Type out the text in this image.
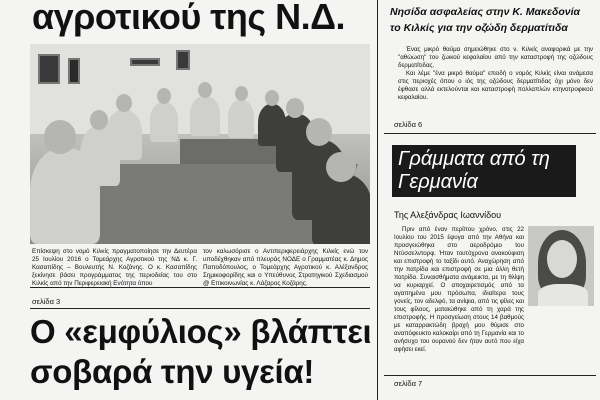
αγροτικού της Ν.Δ.

Επίσκεψη στο νομό Κιλκίς πραγματοποίησε την Δευτέρα 25 Ιουλίου 2016 ο Τομεάρχης Αγροτικού της ΝΔ κ. Γ. Κασαπίδης – Βουλευτής Ν. Κοζάνης. Ο κ. Κασαπίδης ξεκίνησε βάσει προγράμματος της περιοδείας του στο Κιλκίς από την Περιφερειακή Ενότητα όπου

τον καλωσόρισε ο Αντιπεριφερειάρχης Κιλκίς ενώ τον υποδέχθηκαν από πλευράς ΝΟΔΕ ο Γραμματέας κ. Δημος Παποδόπουλος, ο Τομεάρχης Αγροτικού κ. Αλέξανδρος Σημικοφορίδης και ο Υπεύθυνος Στρατηγικού Σχεδιασμού @ Επικοινωνίας κ. Λάζαρος Κοζάρης.

σελίδα 3
Ο «εμφύλιος» βλάπτει σοβαρά την υγεία!
Νησίδα ασφαλείας στην Κ. Μακεδονία το Κιλκίς για την οζώδη δερματίτιδα

Ένας μικρό θαύμα σημειώθηκε στο ν. Κιλκίς αναφορικά με την "αθώωση" του ζωικού κεφαλαίου από την καταστροφή της οζώδους δερματίτιδας.

Και λέμε "ένα μικρό θαύμα" επειδή ο νομός Κιλκίς είναι ανάμεσα στις περιοχές όπου ο ιός της οζώδους δερματίτιδας όχι μόνο δεν έφθασε αλλά εκτελούνται και καταστροφή πολλαπλών κτηνοτροφικού κεφαλαίου.

σελίδα 6
Γράμματα από τη Γερμανία
Της Αλεξάνδρας Ιωαννίδου

Πριν από έναν περίπου χρόνο, στις 22 Ιουλίου του 2015 έφυγα από την Αθήνα και προσγειώθηκα στο αεροδρόμιο του Ντύσσελντορφ. Ήταν τουτόχρονα ανακούφιση και επιστροφή το ταξίδι αυτό. Αναχώρηση από την πατρίδα και επιστροφή σε μια άλλη θετή πατρίδα. Συναισθήματα ανάμεικτα, με τη θλίψη να κυριαρχεί. Ο αποχαιρετισμός από τα αγαπημένα μου πρόσωπα, ιδιαίτερα τους γονείς, τον αδελφό, τα ανίψια, από τις φίλες και τους φίλους, ματαιώθηκε από τη χαρά της επιστροφής. Η προσγείωση στους 14 βαθμούς με καταρρακτώδη βροχή μου θύμισε στο αναπόφευκτο καλοκαίρι από τη Γερμανία και το ανήσυχο του ουρανού δεν ήταν αυτό που είχα αφήσει εκεί.

σελίδα 7
